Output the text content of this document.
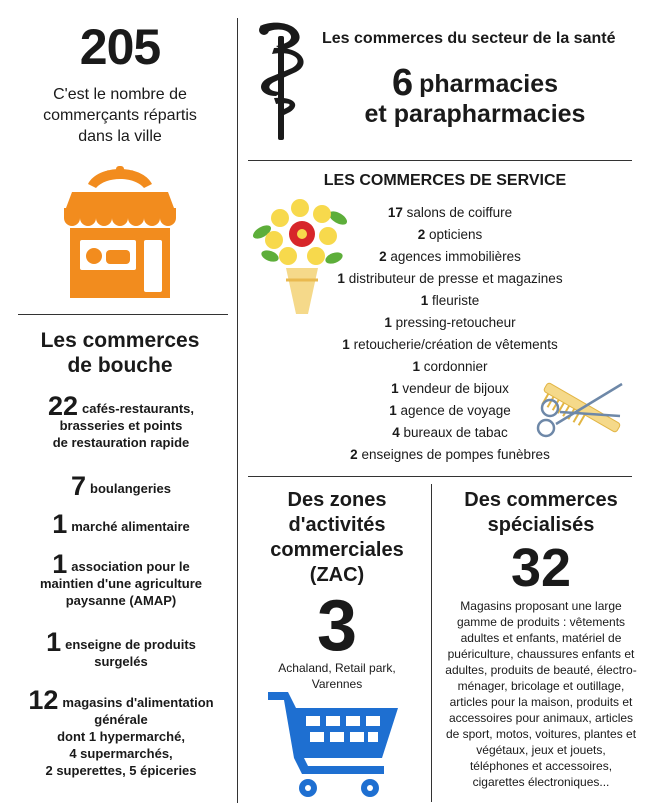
205
C'est le nombre de
commerçants répartis
dans la ville
Les commerces
de bouche
22 cafés-restaurants,
brasseries et points
de restauration rapide
7 boulangeries
1 marché alimentaire
1 association pour le
maintien d'une agriculture
paysanne (AMAP)
1 enseigne de produits
surgelés
12 magasins d'alimentation
générale
dont 1 hypermarché,
4 supermarchés,
2 superettes, 5 épiceries
Les commerces du secteur de la santé
6 pharmacies
et parapharmacies
LES COMMERCES DE SERVICE
17 salons de coiffure
2 opticiens
2 agences immobilières
1 distributeur de presse et magazines
1 fleuriste
1 pressing-retoucheur
1 retoucherie/création de vêtements
1 cordonnier
1 vendeur de bijoux
1 agence de voyage
4 bureaux de tabac
2 enseignes de pompes funèbres
Des zones
d'activités
commerciales
(ZAC)
3
Achaland, Retail park,
Varennes
Des commerces
spécialisés
32
Magasins proposant une large
gamme de produits : vêtements
adultes et enfants, matériel de
puériculture, chaussures enfants et
adultes, produits de beauté, électro-
ménager, bricolage et outillage,
articles pour la maison, produits et
accessoires pour animaux, articles
de sport, motos, voitures, plantes et
végétaux, jeux et jouets,
téléphones et accessoires,
cigarettes électroniques...
